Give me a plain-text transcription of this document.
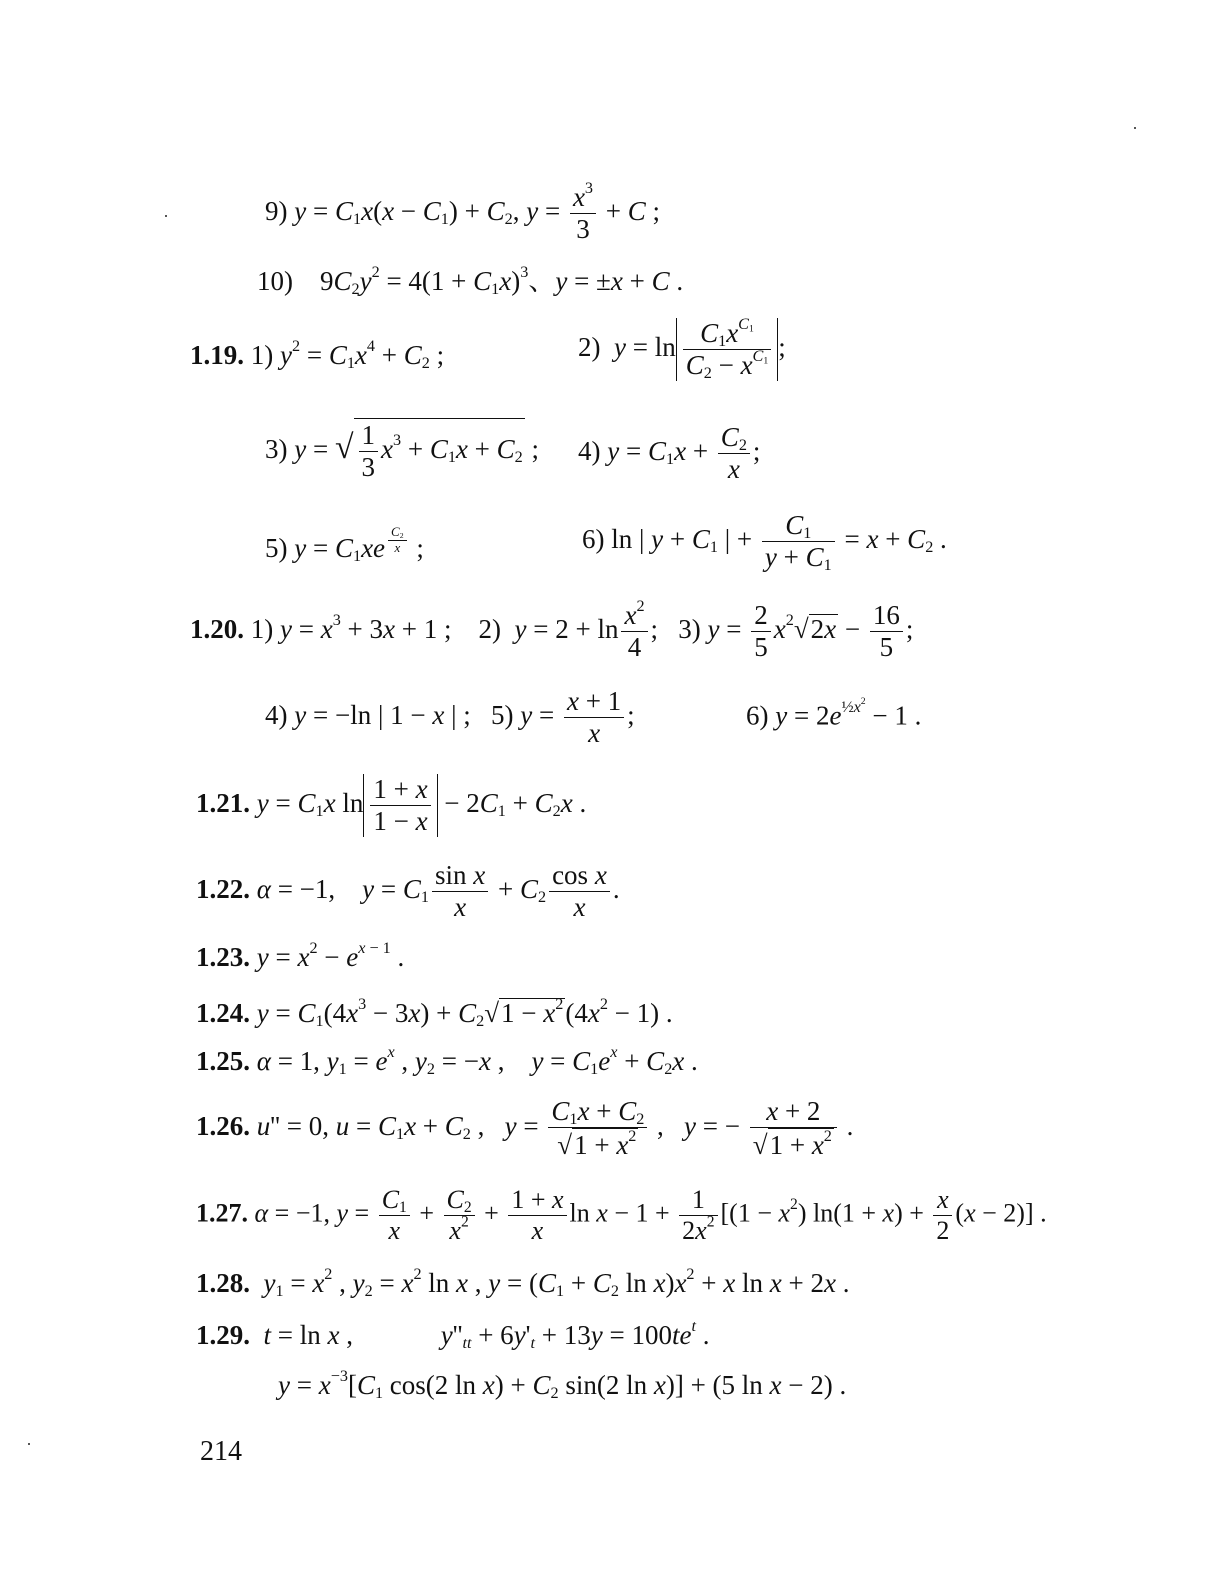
9) $y = C_1x(x - C_1) + C_2$, $y = \frac{x^3}{3} + C$ ;
10)    $9C_2y^2 = 4(1 + C_1x)^3$、y = ±x + C .
1.19. 1) $y^2 = C_1x^4 + C_2$ ;	2) $y = \ln \frac{C_1x^{C_1}}{C_2 - x^{C_1}}$ ;
3) y = √ $\frac{1}{3} x^3 + C_1x + C_2$ ; 4) $y = C_1x + \frac{C_2}{x}$ ;
5) $y = C_1xe$ $^{\frac{C_2}{x}}$ ;	6) ln | $y + C_1$ | + $\frac{C_1}{y + C_1} = x + C_2$ .
1.20. 1) $y = x^3 + 3x + 1$ ;    2) $y = 2 + \ln \frac{x^2}{4}$ ;   3) $y = \frac{2}{5} x^2√2x - \frac{16}{5}$ ;
4) y = −ln | 1 − x | ;   5) $y = \frac{x + 1}{x}$ ;	6) $y = 2e^{\frac{1}{2}x^2} - 1$ .
1.21. $y = C_1x$ $\ln \frac{1 + x}{1 - x} - 2C_1 + C_2x$ .
1.22. α = −1,    $y = C_1 \frac{\text{sin x}}{x} + C_2 \frac{\text{cos x}}{x}$ .
1.23. $y = x^2 - e^{x - 1}$ .
1.24. $y = C_1(4x^3 - 3x) + C_2√1 - x^2(4x^2 - 1)$ .
1.25. α = 1, $y_1 = e^x$ , $y_2 = -x$ ,    $y = C_1e^x + C_2x$ .
1.26. u'' = 0, $u = C_1x + C_2$ ,   $y = \frac{C_1x + C_2}{√1 + x^2}$ ,   y = − $\frac{x + 2}{√1 + x^2}$ .
1.27. α = −1, $y = \frac{C_1}{x} + \frac{C_2}{x^2} + \frac{1 + x}{x}$ $\ln x - 1 + \frac{1}{2x^2} [(1 - x^2) \ln(1 + x) + \frac{x}{2} (x - 2)]$ .
1.28. $y_1 = x^2$ , $y_2 = x^2$ ln x , $y = (C_1 + C_2$ $\ln x)x^2 + x$ ln x + 2x .
1.29. t = ln x ,             $y''_{tt} + 6y'_t + 13y = 100te^t$ .
$y = x^{-3}[C_1$ cos(2 $\ln x) + C_2$ sin(2 ln x)] + (5 ln x − 2) .
214
